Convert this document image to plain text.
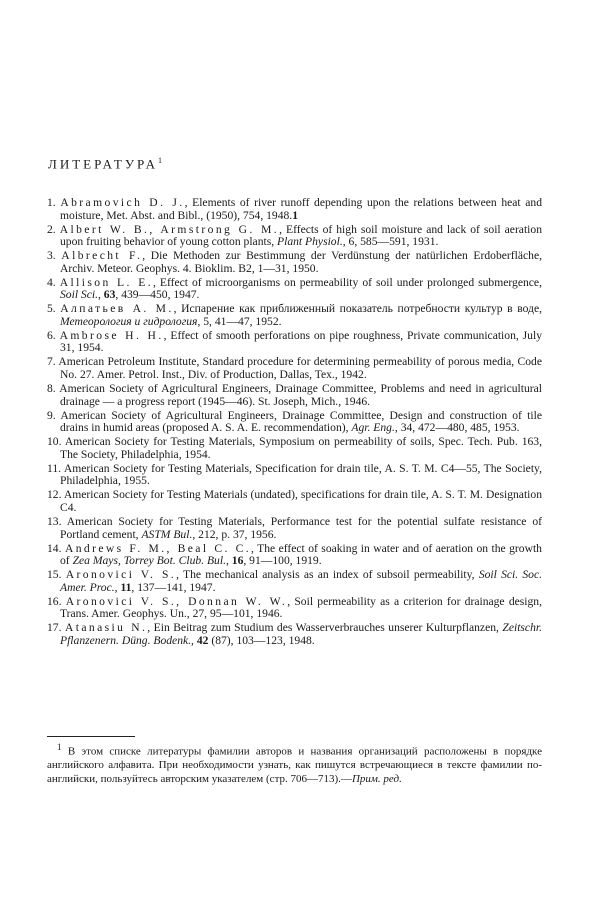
ЛИТЕРАТУРА$^1$
1. Abramovich D. J., Elements of river runoff depending upon the relations between heat and moisture, Met. Abst. and Bibl., (1950), 754, 1948.1
2. Albert W. B., Armstrong G. M., Effects of high soil moisture and lack of soil aeration upon fruiting behavior of young cotton plants, Plant Physiol., 6, 585—591, 1931.
3. Albrecht F., Die Methoden zur Bestimmung der Verdünstung der natürlichen Erdoberfläche, Archiv. Meteor. Geophys. 4. Bioklim. B2, 1—31, 1950.
4. Allison L. E., Effect of microorganisms on permeability of soil under prolonged submergence, Soil Sci., 63, 439—450, 1947.
5. Алпатьев А. М., Испарение как приближенный показатель потребности культур в воде, Метеорология и гидрология, 5, 41—47, 1952.
6. Ambrose H. H., Effect of smooth perforations on pipe roughness, Private communication, July 31, 1954.
7. American Petroleum Institute, Standard procedure for determining permeability of porous media, Code No. 27. Amer. Petrol. Inst., Div. of Production, Dallas, Tex., 1942.
8. American Society of Agricultural Engineers, Drainage Committee, Problems and need in agricultural drainage — a progress report (1945—46). St. Joseph, Mich., 1946.
9. American Society of Agricultural Engineers, Drainage Committee, Design and construction of tile drains in humid areas (proposed A. S. A. E. recommendation), Agr. Eng., 34, 472—480, 485, 1953.
10. American Society for Testing Materials, Symposium on permeability of soils, Spec. Tech. Pub. 163, The Society, Philadelphia, 1954.
11. American Society for Testing Materials, Specification for drain tile, A. S. T. M. C4—55, The Society, Philadelphia, 1955.
12. American Society for Testing Materials (undated), specifications for drain tile, A. S. T. M. Designation C4.
13. American Society for Testing Materials, Performance test for the potential sulfate resistance of Portland cement, ASTM Bul., 212, p. 37, 1956.
14. Andrews F. M., Beal C. C., The effect of soaking in water and of aeration on the growth of Zea Mays, Torrey Bot. Club. Bul., 16, 91—100, 1919.
15. Aronovici V. S., The mechanical analysis as an index of subsoil permeability, Soil Sci. Soc. Amer. Proc., 11, 137—141, 1947.
16. Aronovici V. S., Donnan W. W., Soil permeability as a criterion for drainage design, Trans. Amer. Geophys. Un., 27, 95—101, 1946.
17. Atanasiu N., Ein Beitrag zum Studium des Wasserverbrauches unserer Kulturpflanzen, Zeitschr. Pflanzenern. Düng. Bodenk., 42 (87), 103—123, 1948.

$^1$ В этом списке литературы фамилии авторов и названия организаций расположены в порядке английского алфавита. При необходимости узнать, как пишутся встречающиеся в тексте фамилии по-английски, пользуйтесь авторским указателем (стр. 706—713).—Прим. ред.
